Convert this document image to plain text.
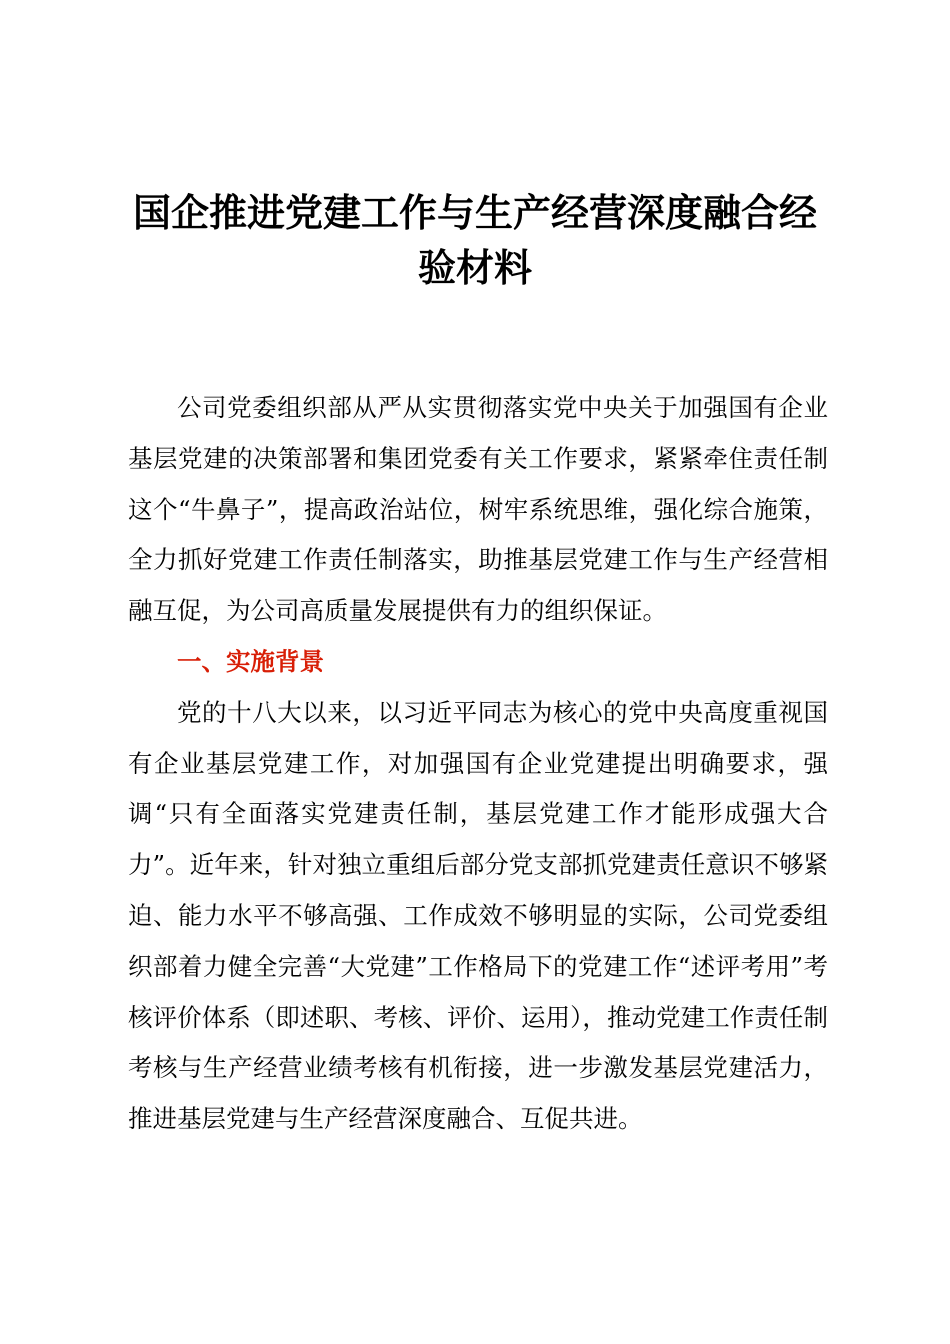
国企推进党建工作与生产经营深度融合经
验材料

公司党委组织部从严从实贯彻落实党中央关于加强国有企业基层党建的决策部署和集团党委有关工作要求，紧紧牵住责任制这个“牛鼻子”，提高政治站位，树牢系统思维，强化综合施策，全力抓好党建工作责任制落实，助推基层党建工作与生产经营相融互促，为公司高质量发展提供有力的组织保证。

一、实施背景

党的十八大以来，以习近平同志为核心的党中央高度重视国有企业基层党建工作，对加强国有企业党建提出明确要求，强调“只有全面落实党建责任制，基层党建工作才能形成强大合力”。近年来，针对独立重组后部分党支部抓党建责任意识不够紧迫、能力水平不够高强、工作成效不够明显的实际，公司党委组织部着力健全完善“大党建”工作格局下的党建工作“述评考用”考核评价体系（即述职、考核、评价、运用），推动党建工作责任制考核与生产经营业绩考核有机衔接，进一步激发基层党建活力，推进基层党建与生产经营深度融合、互促共进。
